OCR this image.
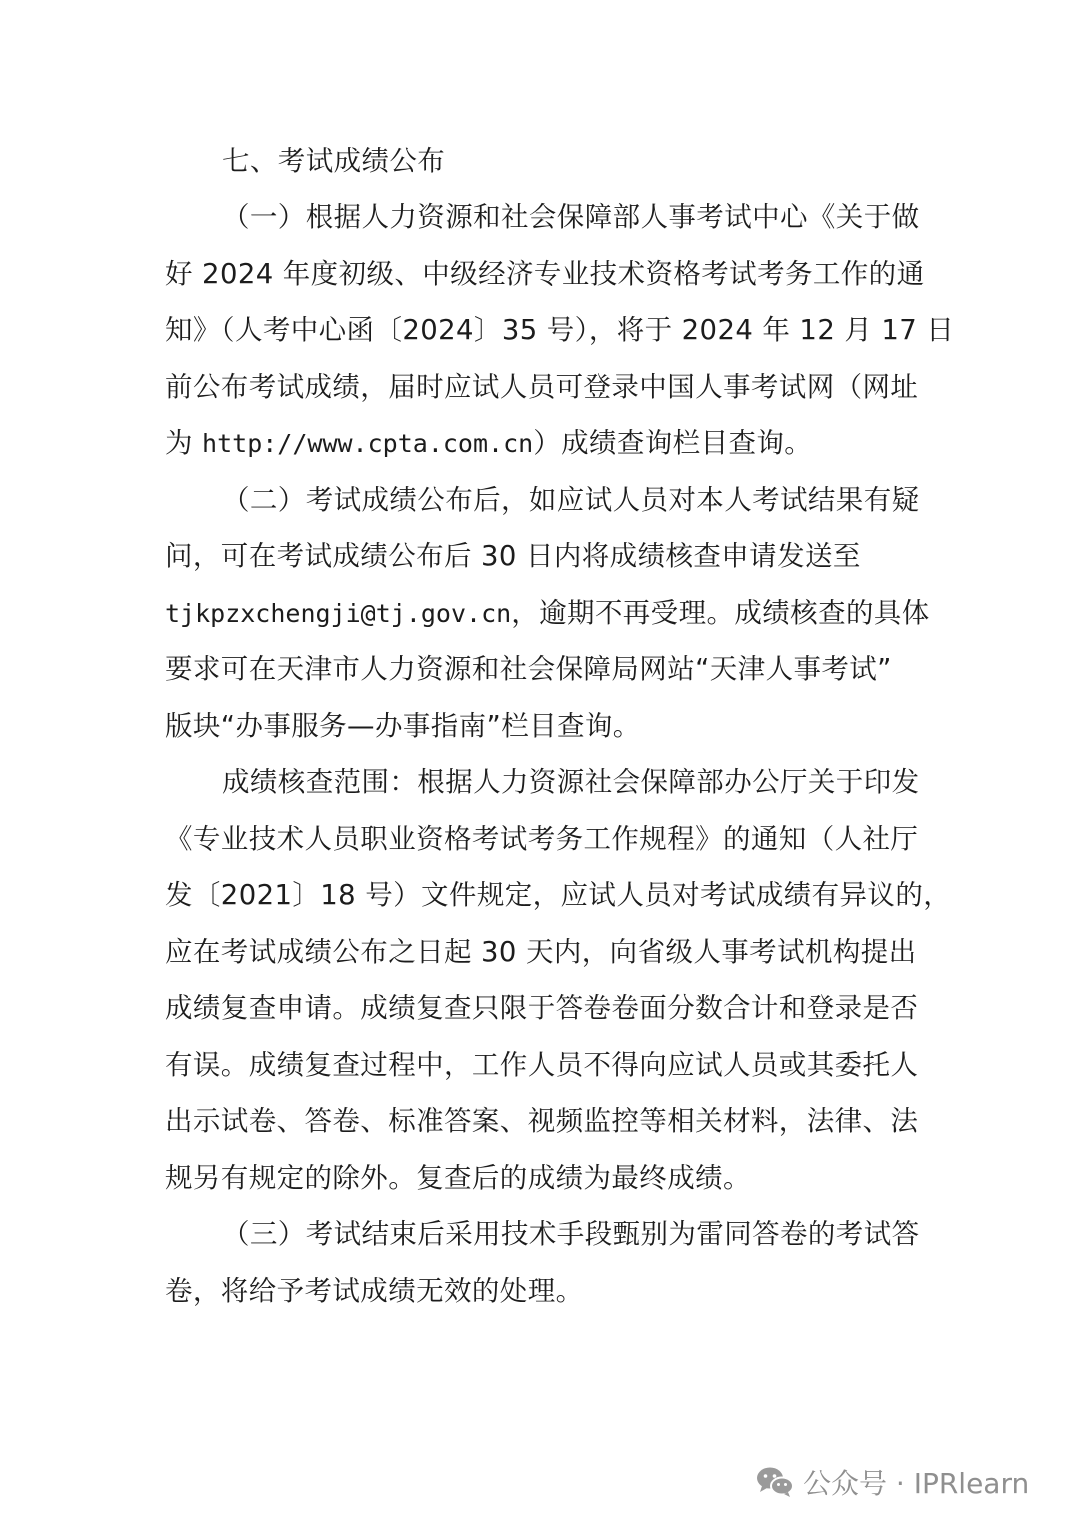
七、考试成绩公布
（一）根据人力资源和社会保障部人事考试中心《关于做
好 2024 年度初级、中级经济专业技术资格考试考务工作的通
知》（人考中心函〔2024〕35 号），将于 2024 年 12 月 17 日
前公布考试成绩，届时应试人员可登录中国人事考试网（网址
为 http://www.cpta.com.cn）成绩查询栏目查询。
（二）考试成绩公布后，如应试人员对本人考试结果有疑
问，可在考试成绩公布后 30 日内将成绩核查申请发送至
tjkpzxchengji@tj.gov.cn，逾期不再受理。成绩核查的具体
要求可在天津市人力资源和社会保障局网站“天津人事考试”
版块“办事服务—办事指南”栏目查询。
成绩核查范围：根据人力资源社会保障部办公厅关于印发
《专业技术人员职业资格考试考务工作规程》的通知（人社厅
发〔2021〕18 号）文件规定，应试人员对考试成绩有异议的，
应在考试成绩公布之日起 30 天内，向省级人事考试机构提出
成绩复查申请。成绩复查只限于答卷卷面分数合计和登录是否
有误。成绩复查过程中，工作人员不得向应试人员或其委托人
出示试卷、答卷、标准答案、视频监控等相关材料，法律、法
规另有规定的除外。复查后的成绩为最终成绩。
（三）考试结束后采用技术手段甄别为雷同答卷的考试答
卷，将给予考试成绩无效的处理。
公众号 · IPRlearn
